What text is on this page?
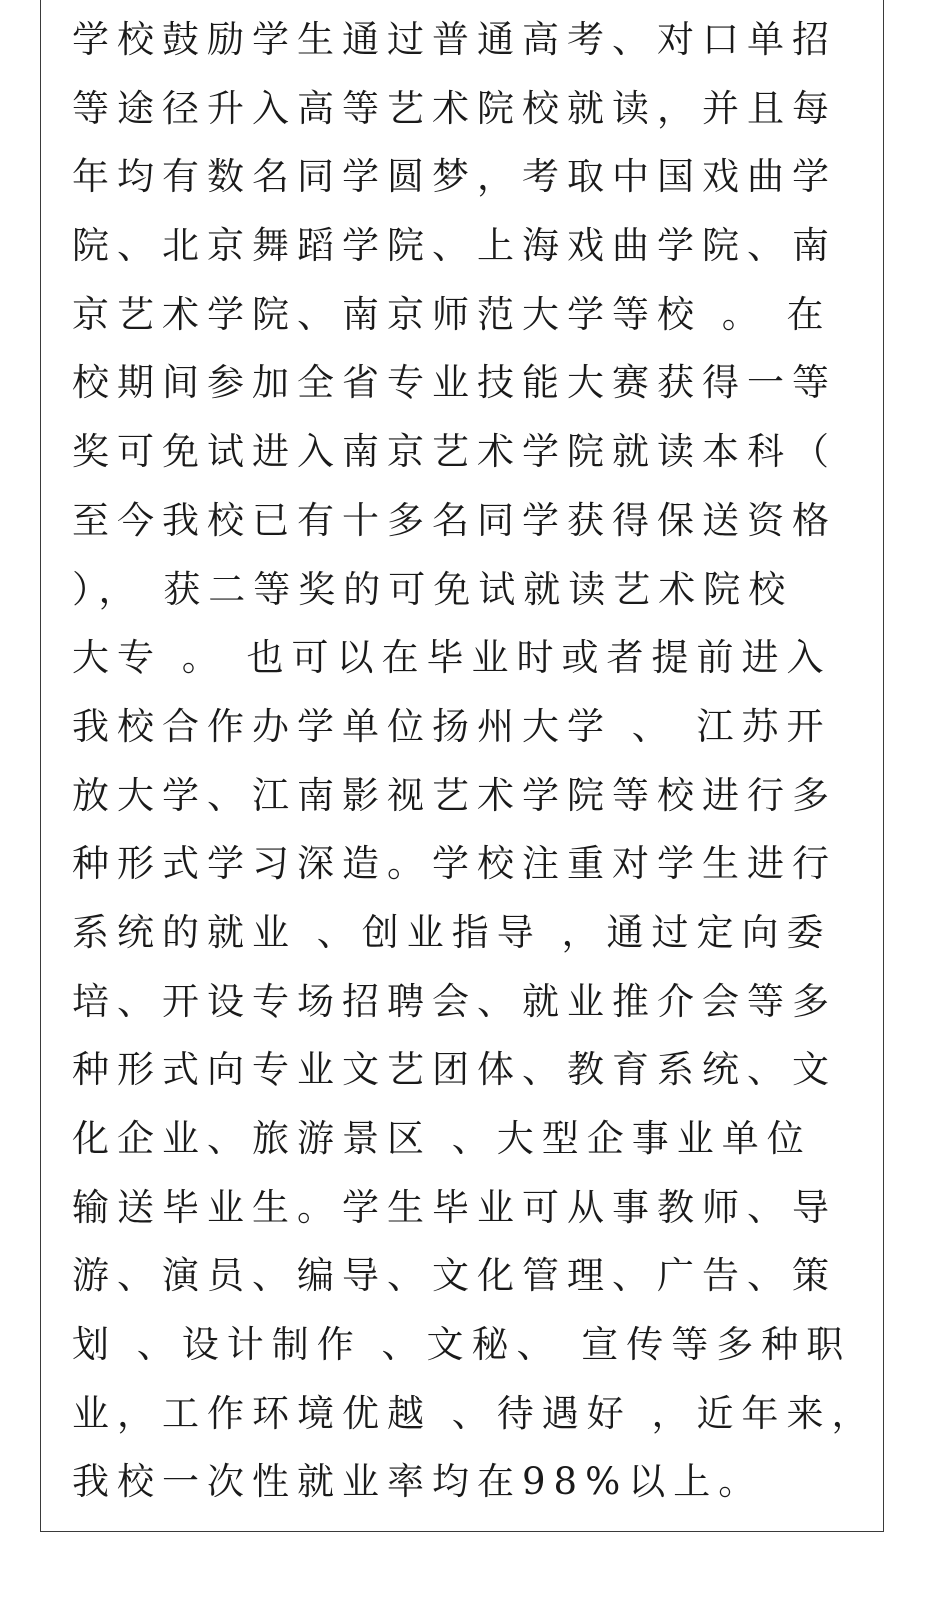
学校鼓励学生通过普通高考、对口单招
等途径升入高等艺术院校就读，并且每
年均有数名同学圆梦，考取中国戏曲学
院、北京舞蹈学院、上海戏曲学院、南
京艺术学院、南京师范大学等校 。 在
校期间参加全省专业技能大赛获得一等
奖可免试进入南京艺术学院就读本科（
至今我校已有十多名同学获得保送资格
）， 获二等奖的可免试就读艺术院校
大专 。 也可以在毕业时或者提前进入
我校合作办学单位扬州大学 、 江苏开
放大学、江南影视艺术学院等校进行多
种形式学习深造。学校注重对学生进行
系统的就业 、创业指导 ，通过定向委
培、开设专场招聘会、就业推介会等多
种形式向专业文艺团体、教育系统、文
化企业、旅游景区 、大型企事业单位
输送毕业生。学生毕业可从事教师、导
游、演员、编导、文化管理、广告、策
划 、设计制作 、文秘、 宣传等多种职
业，工作环境优越 、待遇好 ，近年来，
我校一次性就业率均在98%以上。
